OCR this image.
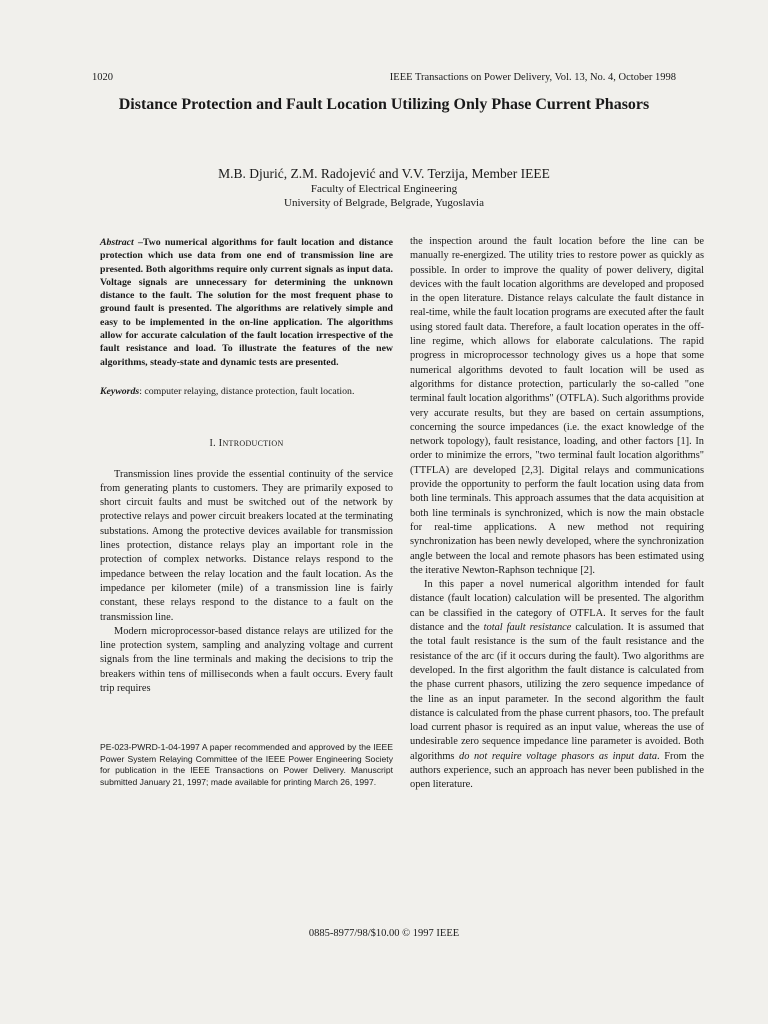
1020	IEEE Transactions on Power Delivery, Vol. 13, No. 4, October 1998
Distance Protection and Fault Location Utilizing Only Phase Current Phasors
M.B. Djurić, Z.M. Radojević and V.V. Terzija, Member IEEE
Faculty of Electrical Engineering
University of Belgrade, Belgrade, Yugoslavia
Abstract –Two numerical algorithms for fault location and distance protection which use data from one end of transmission line are presented. Both algorithms require only current signals as input data. Voltage signals are unnecessary for determining the unknown distance to the fault. The solution for the most frequent phase to ground fault is presented. The algorithms are relatively simple and easy to be implemented in the on-line application. The algorithms allow for accurate calculation of the fault location irrespective of the fault resistance and load. To illustrate the features of the new algorithms, steady-state and dynamic tests are presented.
Keywords: computer relaying, distance protection, fault location.
I. INTRODUCTION

Transmission lines provide the essential continuity of the service from generating plants to customers. They are primarily exposed to short circuit faults and must be switched out of the network by protective relays and power circuit breakers located at the terminating substations. Among the protective devices available for transmission lines protection, distance relays play an important role in the protection of complex networks. Distance relays respond to the impedance between the relay location and the fault location. As the impedance per kilometer (mile) of a transmission line is fairly constant, these relays respond to the distance to a fault on the transmission line.

Modern microprocessor-based distance relays are utilized for the line protection system, sampling and analyzing voltage and current signals from the line terminals and making the decisions to trip the breakers within tens of milliseconds when a fault occurs. Every fault trip requires

PE-023-PWRD-1-04-1997 A paper recommended and approved by the IEEE Power System Relaying Committee of the IEEE Power Engineering Society for publication in the IEEE Transactions on Power Delivery. Manuscript submitted January 21, 1997; made available for printing March 26, 1997.

the inspection around the fault location before the line can be manually re-energized. The utility tries to restore power as quickly as possible. In order to improve the quality of power delivery, digital devices with the fault location algorithms are developed and proposed in the open literature. Distance relays calculate the fault distance in real-time, while the fault location programs are executed after the fault using stored fault data. Therefore, a fault location operates in the off-line regime, which allows for elaborate calculations. The rapid progress in microprocessor technology gives us a hope that some numerical algorithms devoted to fault location will be used as algorithms for distance protection, particularly the so-called "one terminal fault location algorithms" (OTFLA). Such algorithms provide very accurate results, but they are based on certain assumptions, concerning the source impedances (i.e. the exact knowledge of the network topology), fault resistance, loading, and other factors [1]. In order to minimize the errors, "two terminal fault location algorithms" (TTFLA) are developed [2,3]. Digital relays and communications provide the opportunity to perform the fault location using data from both line terminals. This approach assumes that the data acquisition at both line terminals is synchronized, which is now the main obstacle for real-time applications. A new method not requiring synchronization has been newly developed, where the synchronization angle between the local and remote phasors has been estimated using the iterative Newton-Raphson technique [2].

In this paper a novel numerical algorithm intended for fault distance (fault location) calculation will be presented. The algorithm can be classified in the category of OTFLA. It serves for the fault distance and the total fault resistance calculation. It is assumed that the total fault resistance is the sum of the fault resistance and the resistance of the arc (if it occurs during the fault). Two algorithms are developed. In the first algorithm the fault distance is calculated from the phase current phasors, utilizing the zero sequence impedance of the line as an input parameter. In the second algorithm the fault distance is calculated from the phase current phasors, too. The prefault load current phasor is required as an input value, whereas the use of undesirable zero sequence impedance line parameter is avoided. Both algorithms do not require voltage phasors as input data. From the authors experience, such an approach has never been published in the open literature.

0885-8977/98/$10.00 © 1997 IEEE
